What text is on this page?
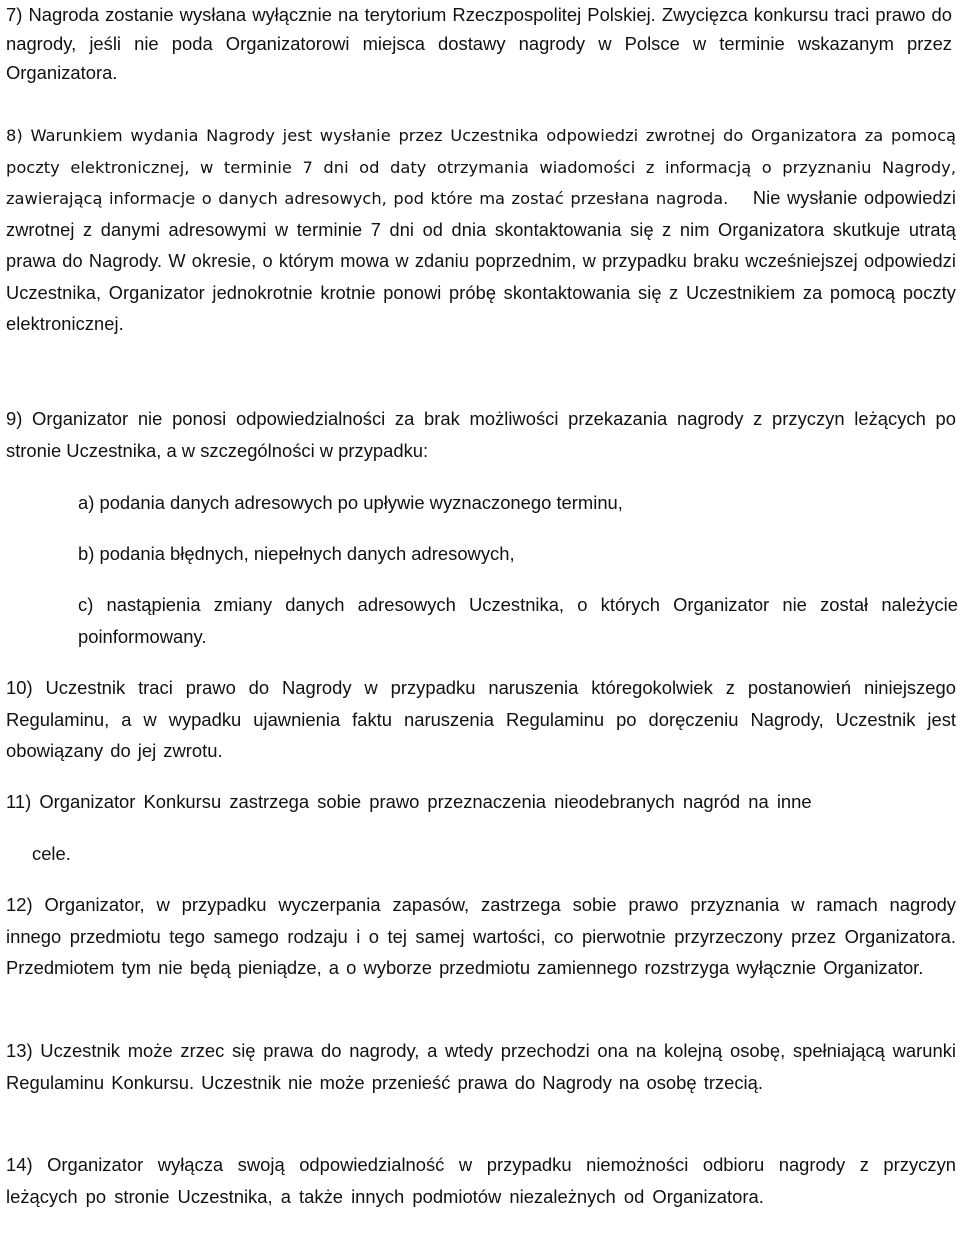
7) Nagroda zostanie wysłana wyłącznie na terytorium Rzeczpospolitej Polskiej. Zwycięzca konkursu traci prawo do nagrody, jeśli nie poda Organizatorowi miejsca dostawy nagrody w Polsce w terminie wskazanym przez Organizatora.

8) Warunkiem wydania Nagrody jest wysłanie przez Uczestnika odpowiedzi zwrotnej do Organizatora za pomocą poczty elektronicznej, w terminie 7 dni od daty otrzymania wiadomości z informacją o przyznaniu Nagrody, zawierającą informacje o danych adresowych, pod które ma zostać przesłana nagroda. Nie wysłanie odpowiedzi zwrotnej z danymi adresowymi w terminie 7 dni od dnia skontaktowania się z nim Organizatora skutkuje utratą prawa do Nagrody. W okresie, o którym mowa w zdaniu poprzednim, w przypadku braku wcześniejszej odpowiedzi Uczestnika, Organizator jednokrotnie krotnie ponowi próbę skontaktowania się z Uczestnikiem za pomocą poczty elektronicznej.

9) Organizator nie ponosi odpowiedzialności za brak możliwości przekazania nagrody z przyczyn leżących po stronie Uczestnika, a w szczególności w przypadku:

a) podania danych adresowych po upływie wyznaczonego terminu,

b) podania błędnych, niepełnych danych adresowych,

c) nastąpienia zmiany danych adresowych Uczestnika, o których Organizator nie został należycie poinformowany.

10) Uczestnik traci prawo do Nagrody w przypadku naruszenia któregokolwiek z postanowień niniejszego Regulaminu, a w wypadku ujawnienia faktu naruszenia Regulaminu po doręczeniu Nagrody, Uczestnik jest obowiązany do jej zwrotu.

11) Organizator Konkursu zastrzega sobie prawo przeznaczenia nieodebranych nagród na inne

cele.

12) Organizator, w przypadku wyczerpania zapasów, zastrzega sobie prawo przyznania w ramach nagrody innego przedmiotu tego samego rodzaju i o tej samej wartości, co pierwotnie przyrzeczony przez Organizatora. Przedmiotem tym nie będą pieniądze, a o wyborze przedmiotu zamiennego rozstrzyga wyłącznie Organizator.

13) Uczestnik może zrzec się prawa do nagrody, a wtedy przechodzi ona na kolejną osobę, spełniającą warunki Regulaminu Konkursu. Uczestnik nie może przenieść prawa do Nagrody na osobę trzecią.

14) Organizator wyłącza swoją odpowiedzialność w przypadku niemożności odbioru nagrody z przyczyn leżących po stronie Uczestnika, a także innych podmiotów niezależnych od Organizatora.
